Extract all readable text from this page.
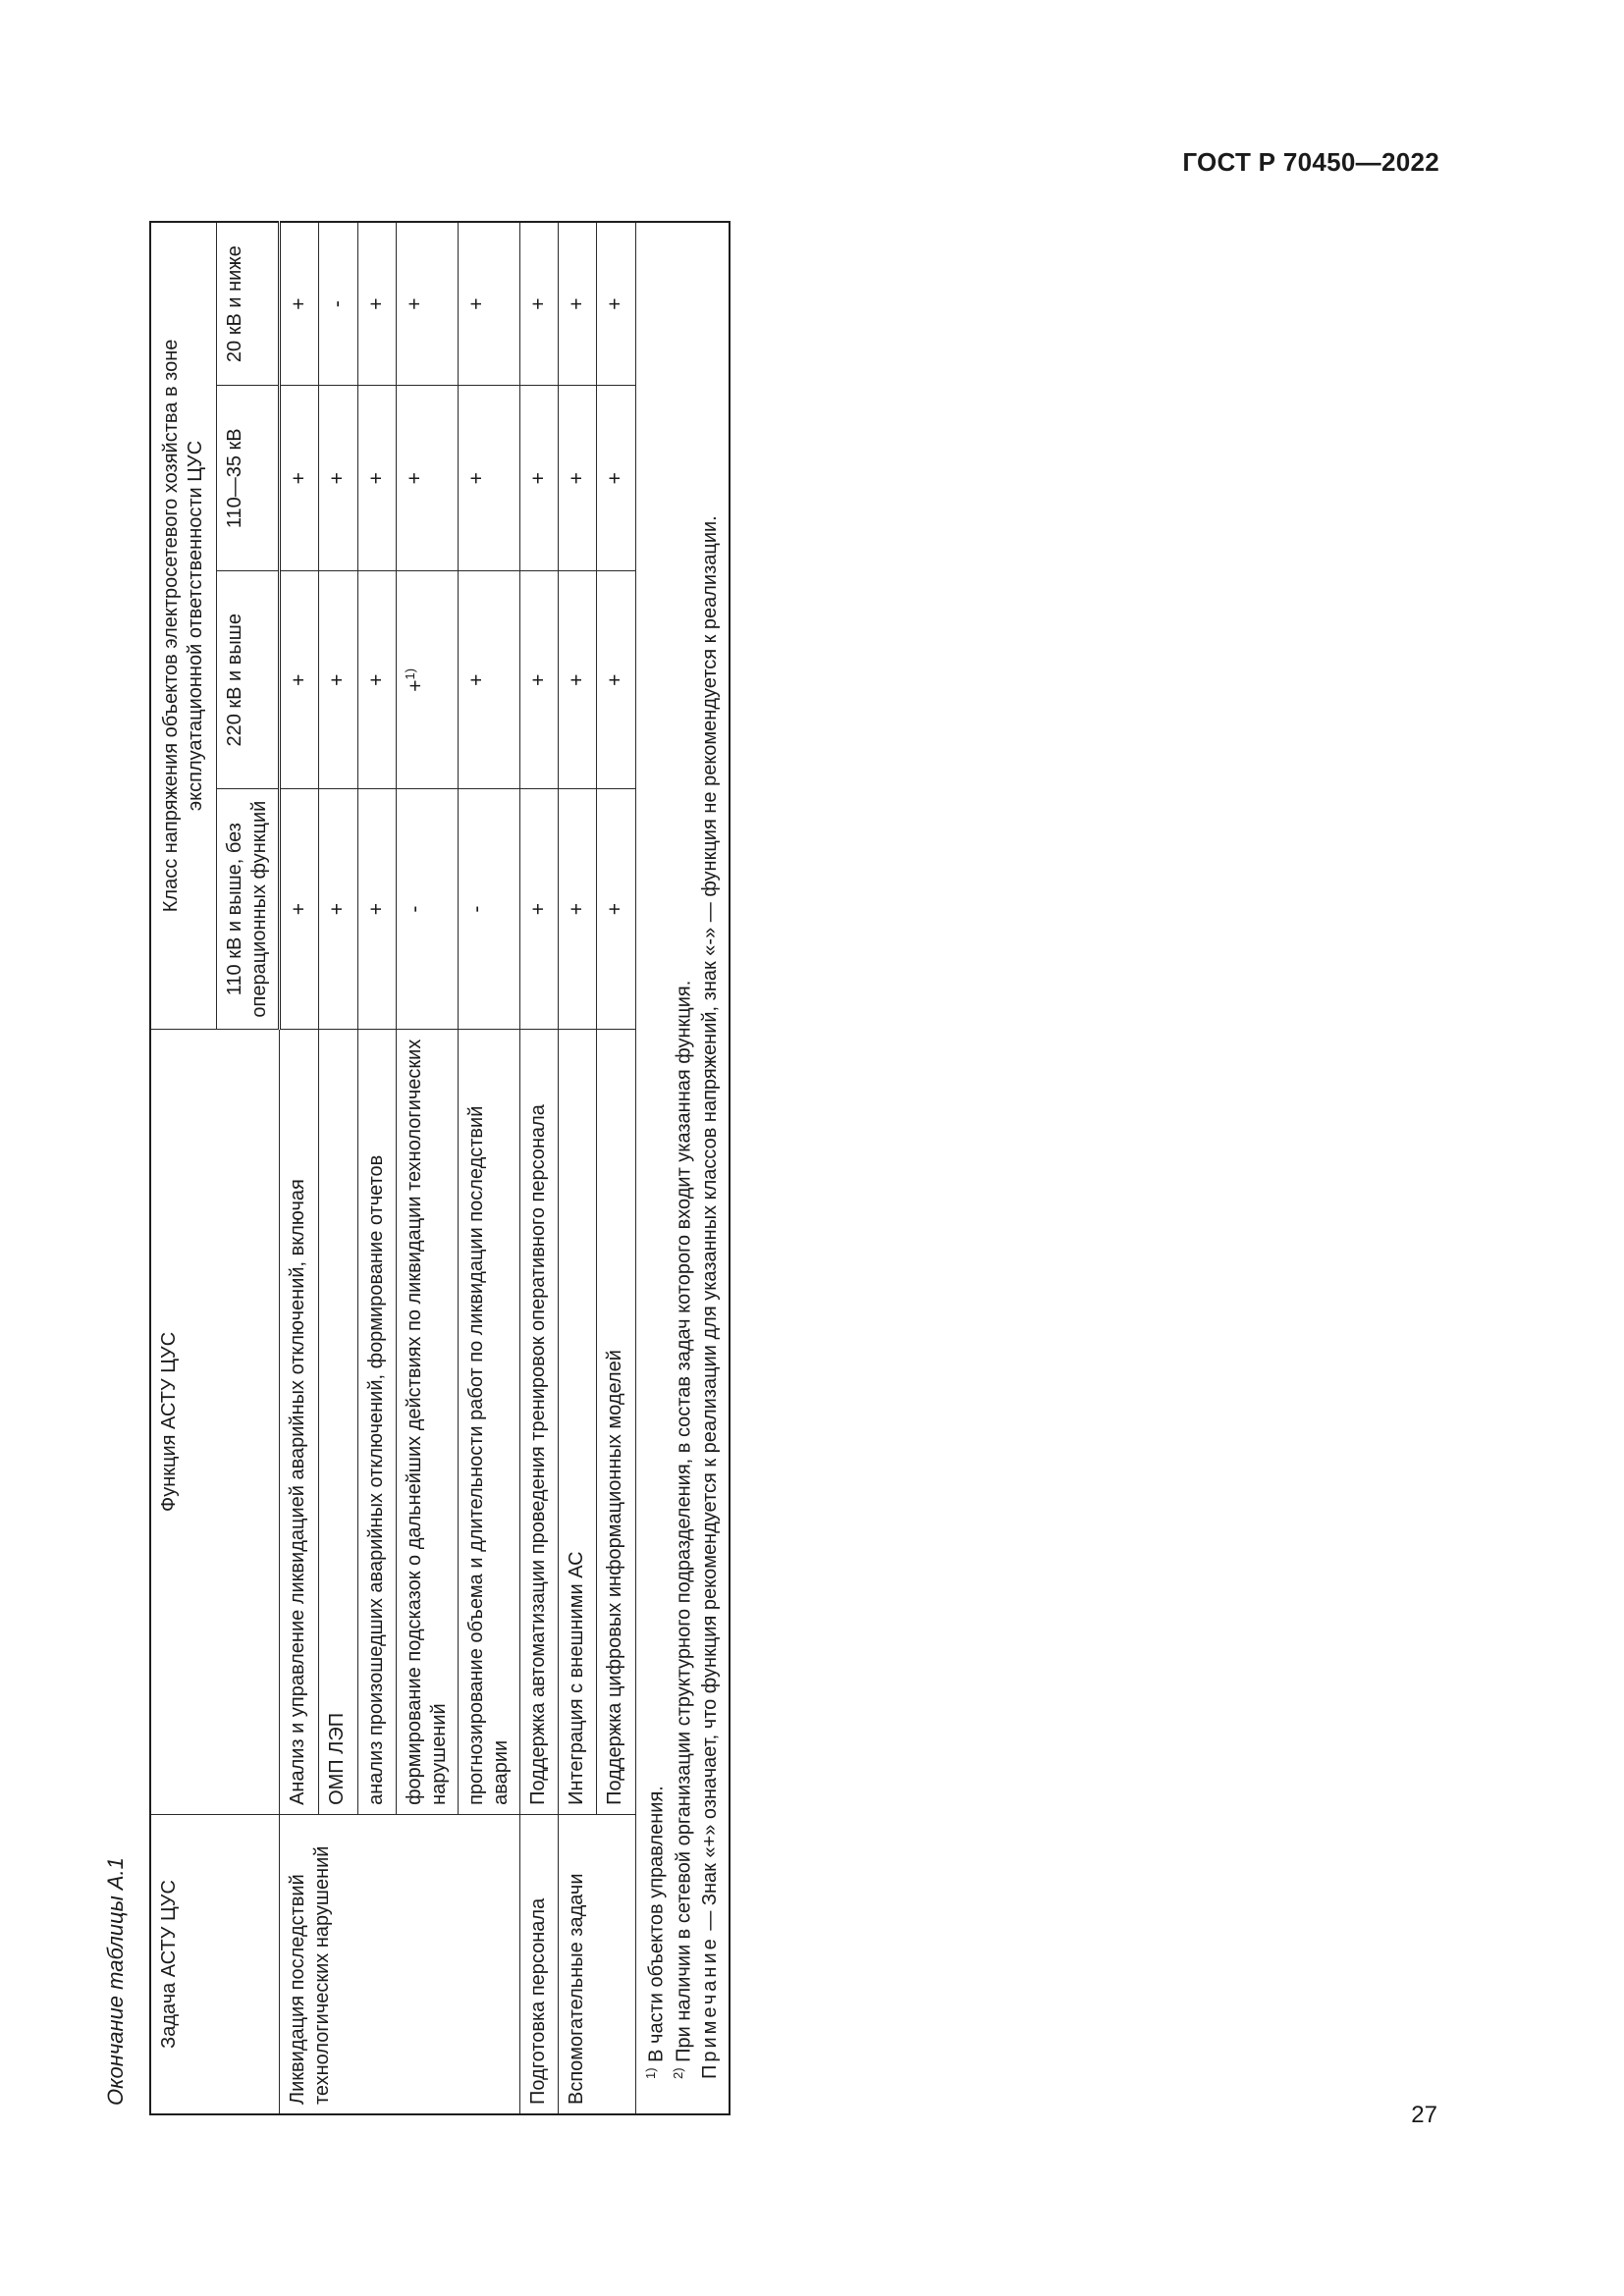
ГОСТ Р 70450—2022
27
Окончание таблицы А.1 Задача АСТУ ЦУС	Функция АСТУ ЦУС	Класс напряжения объектов электросетевого хозяйства в зоне эксплуатационной ответственности ЦУС			
		110 кВ и выше, без операционных функций	220 кВ и выше	110—35 кВ	20 кВ и ниже
Ликвидация последствий технологических нарушений	Анализ и управление ликвидацией аварийных отключений, включая	+	+	+	+
	ОМП ЛЭП	+	+	+	-
	анализ произошедших аварийных отключений, формирование отчетов	+	+	+	+
	формирование подсказок о дальнейших действиях по ликвидации технологических нарушений	-	+$^{1)}$	+	+
	прогнозирование объема и длительности работ по ликвидации последствий аварии	-	+	+	+
Подготовка персонала	Поддержка автоматизации проведения тренировок оперативного персонала	+	+	+	+
Вспомогательные задачи	Интеграция с внешними АС	+	+	+	+
	Поддержка цифровых информационных моделей	+	+	+	+

$^{1)}$ В части объектов управления.
$^{2)}$ При наличии в сетевой организации структурного подразделения, в состав задач которого входит указанная функция. Примечание — Знак «+» означает, что функция рекомендуется к реализации для указанных классов напряжений, знак «-» — функция не рекомендуется к реализации.					
